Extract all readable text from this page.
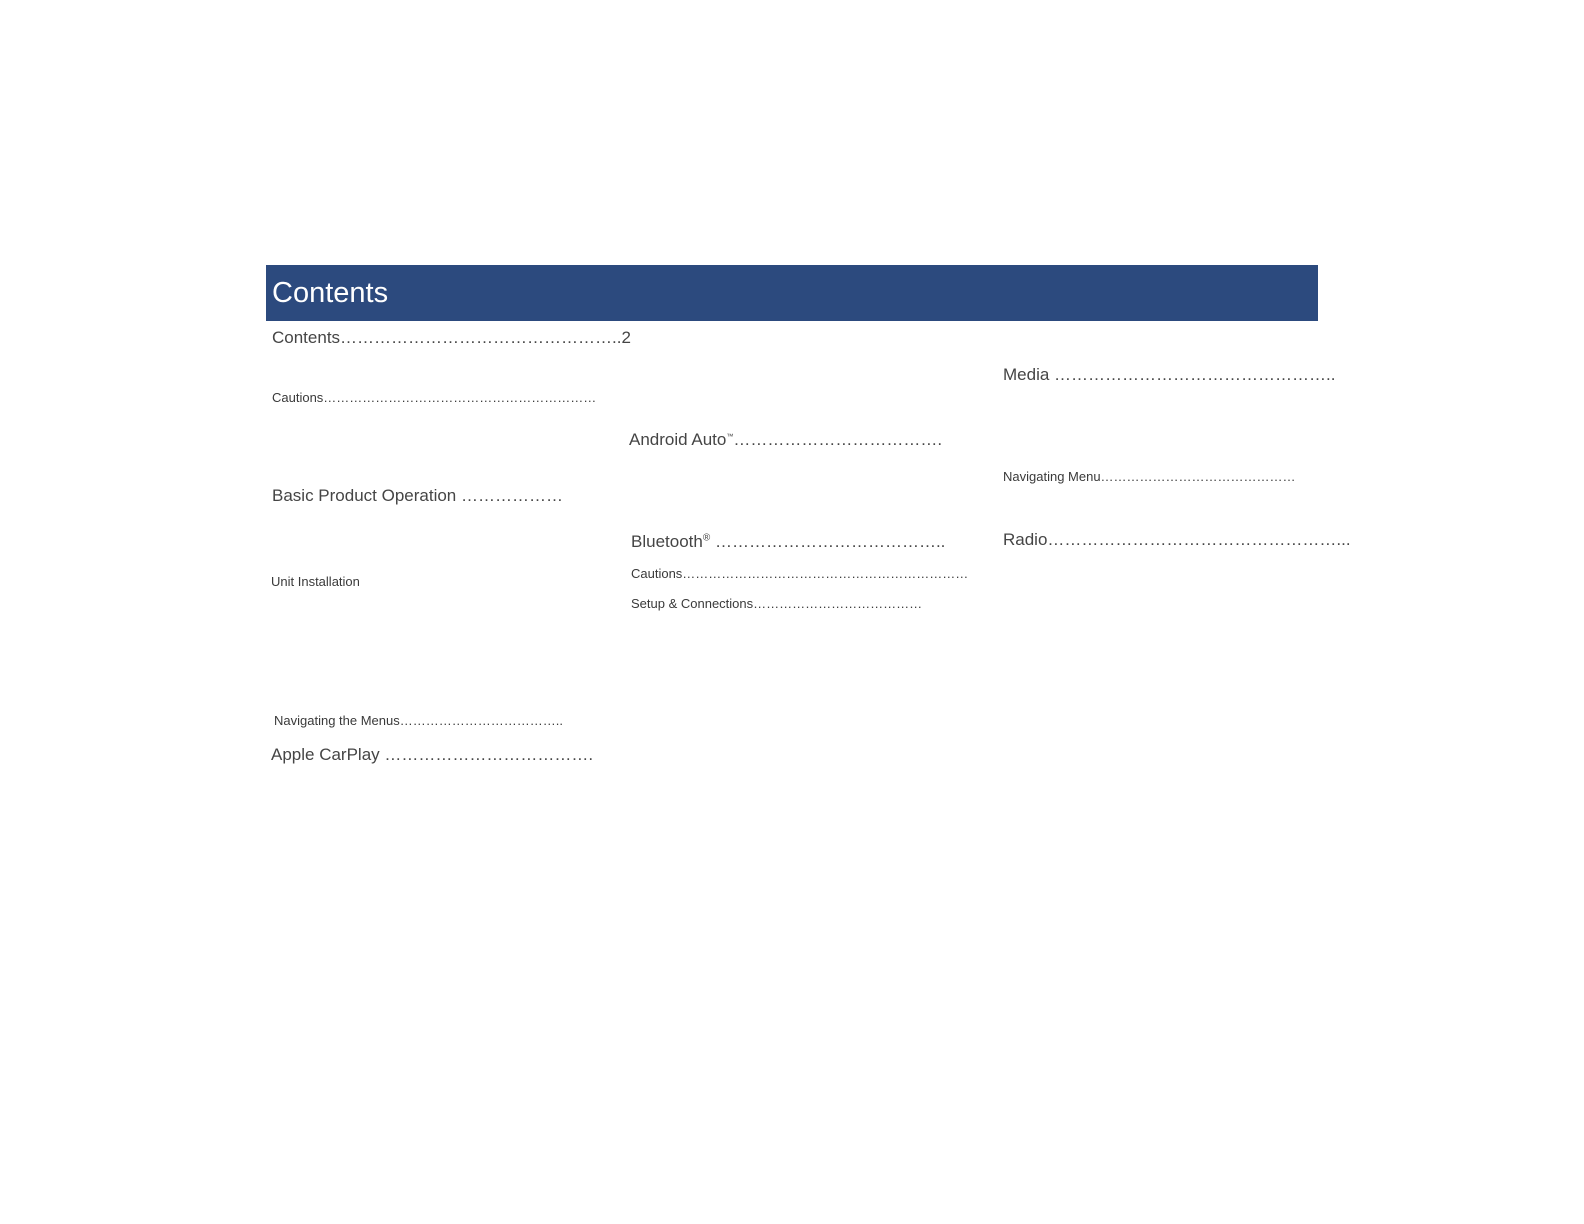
Contents
Contents…………………………………………..2
Cautions………………………………………………………
Basic Product Operation ………………
Unit Installation
Navigating the Menus………………………………..
Apple CarPlay ……………………………….
Android Auto™……………………………….
Bluetooth® …………………………………..
Cautions…………………………………………………………
Setup & Connections…………………………………
Media …………………………………………..
Navigating Menu………………………………………
Radio……………………………………………...
